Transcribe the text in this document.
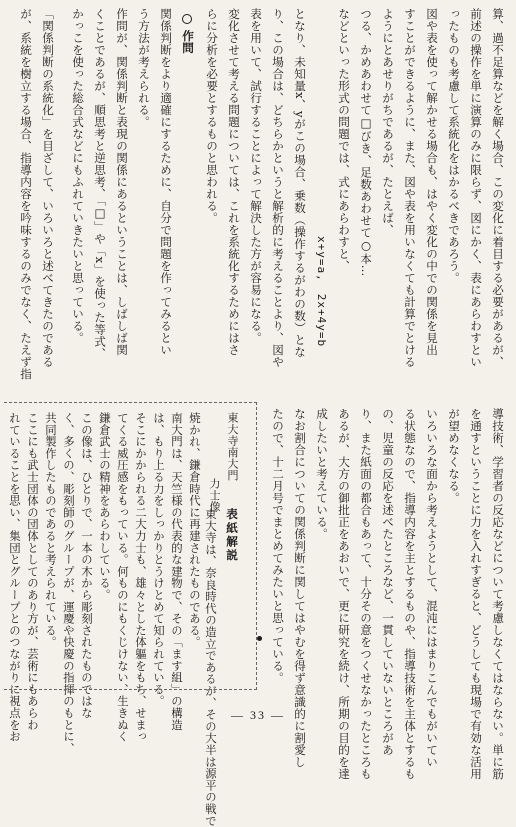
算、過不足算などを解く場合、この変化に着目する必要があるが、
前述の操作を単に演算のみに限らず、図にかく、表にあらわすとい
ったものも考慮して系統化をはかるべきであろう。
図や表を使って解かせる場合も、はやく変化の中での関係を見出
すことができるように、また、図や表を用いなくても計算でとける
ようにとあせりがちであるが、たとえば、
つる、かめあわせて□びき、足数あわせて○本…
などといった形式の問題では、式にあらわすと、
x+y=a,　2x+4y=b
となり、未知量x、yがこの場合、乗数（操作するがわの数）とな
り、この場合は、どちらかというと解析的に考えることより、図や
表を用いて、試行することによって解決した方が容易になる。
変化させて考える問題については、これを系統化するためにはさ
らに分析を必要とするものと思われる。
作問
関係判断をより適確にするために、自分で問題を作ってみるとい
う方法が考えられる。
作問が、関係判断と表現の関係にあるということは、しばしば関
くことであるが、順思考と逆思考、「□」や「x」を使った等式、
かっこを使った総合式などにもふれていきたいと思っている。
「関係判断の系統化」を目ざして、いろいろと述べてきたのである
が、系統を樹立する場合、指導内容を吟味するのみでなく、たえず指
導技術、学習者の反応などについて考慮しなくてはならない。単に筋
を通すということに力を入れすぎると、どうしても現場で有効な活用
が望めなくなる。
いろいろな面から考えようとして、混沌にはまりこんでもがいてい
る状態なので、指導内容を主とするものや、指導技術を主体とするも
の、児童の反応を述べたところなど、一貫していないところがあ
り、また紙面の都合もあって、十分その意をつくせなかったところも
あるが、大方の御批正をあおいで、更に研究を続け、所期の目的を達
成したいと考えている。
なお割合についての関係判断に関してはやむを得ず意識的に割愛し
たので、十二月号でまとめてみたいと思っている。
東大寺南大門
力士像
表紙解説
東大寺は、奈良時代の造立であるが、その大半は源平の戦で
焼かれ、鎌倉時代に再建されたものである。
南大門は、天竺様の代表的な建物で、その「ます組」の構造
は、もり上る力をしっかりとうけとめて知られている。
そこにかかられる二大力士も、雄々とした体軀をもち、せまっ
てくる威圧感をもっている。何ものにもくじけない、生きぬく
鎌倉武士の精神をあらわしている。
この像は、ひとりで、一本の木から彫刻されたものではな
く、多くの、彫刻師のグループが、運慶や快慶の指揮のもとに、
共同製作したものであると考えられている。
ここにも武士団体の団体としてのあり方が、芸術にもあらわ
れていることを思い、集団とグループとのつながりに視点をお	— 33 —
